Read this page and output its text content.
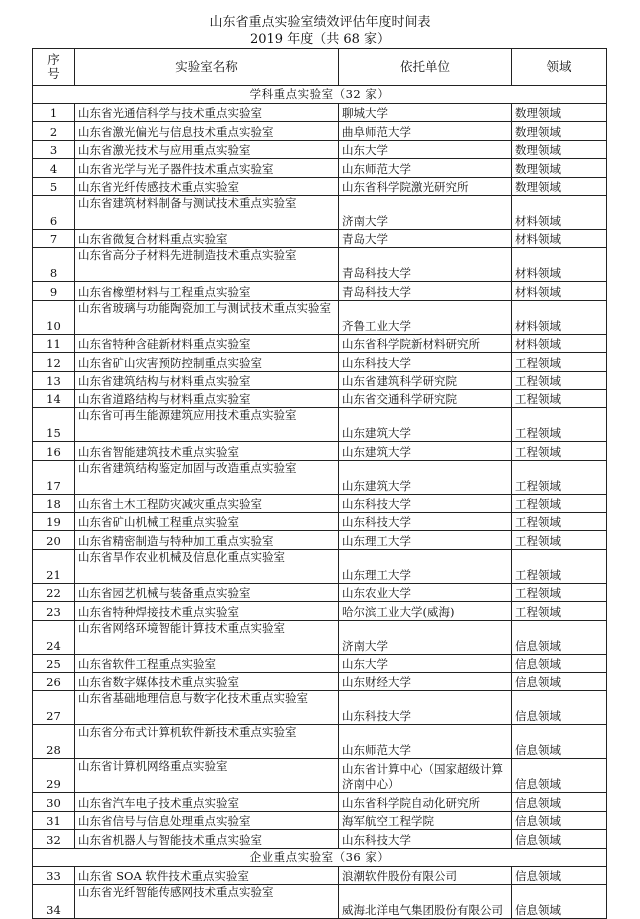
山东省重点实验室绩效评估年度时间表
2019 年度（共 68 家）
序号	实验室名称	依托单位	领域
学科重点实验室（32 家）			
1	山东省光通信科学与技术重点实验室	聊城大学	数理领域
2	山东省激光偏光与信息技术重点实验室	曲阜师范大学	数理领域
3	山东省激光技术与应用重点实验室	山东大学	数理领域
4	山东省光学与光子器件技术重点实验室	山东师范大学	数理领域
5	山东省光纤传感技术重点实验室	山东省科学院激光研究所	数理领域
6	山东省建筑材料制备与测试技术重点实验室	济南大学	材料领域
7	山东省微复合材料重点实验室	青岛大学	材料领域
8	山东省高分子材料先进制造技术重点实验室	青岛科技大学	材料领域
9	山东省橡塑材料与工程重点实验室	青岛科技大学	材料领域
10	山东省玻璃与功能陶瓷加工与测试技术重点实验室	齐鲁工业大学	材料领域
11	山东省特种含硅新材料重点实验室	山东省科学院新材料研究所	材料领域
12	山东省矿山灾害预防控制重点实验室	山东科技大学	工程领域
13	山东省建筑结构与材料重点实验室	山东省建筑科学研究院	工程领域
14	山东省道路结构与材料重点实验室	山东省交通科学研究院	工程领域
15	山东省可再生能源建筑应用技术重点实验室	山东建筑大学	工程领域
16	山东省智能建筑技术重点实验室	山东建筑大学	工程领域
17	山东省建筑结构鉴定加固与改造重点实验室	山东建筑大学	工程领域
18	山东省土木工程防灾减灾重点实验室	山东科技大学	工程领域
19	山东省矿山机械工程重点实验室	山东科技大学	工程领域
20	山东省精密制造与特种加工重点实验室	山东理工大学	工程领域
21	山东省旱作农业机械及信息化重点实验室	山东理工大学	工程领域
22	山东省园艺机械与装备重点实验室	山东农业大学	工程领域
23	山东省特种焊接技术重点实验室	哈尔滨工业大学(威海)	工程领域
24	山东省网络环境智能计算技术重点实验室	济南大学	信息领域
25	山东省软件工程重点实验室	山东大学	信息领域
26	山东省数字媒体技术重点实验室	山东财经大学	信息领域
27	山东省基础地理信息与数字化技术重点实验室	山东科技大学	信息领域
28	山东省分布式计算机软件新技术重点实验室	山东师范大学	信息领域
29	山东省计算机网络重点实验室	山东省计算中心（国家超级计算济南中心）	信息领域
30	山东省汽车电子技术重点实验室	山东省科学院自动化研究所	信息领域
31	山东省信号与信息处理重点实验室	海军航空工程学院	信息领域
32	山东省机器人与智能技术重点实验室	山东科技大学	信息领域
企业重点实验室（36 家）			
33	山东省 SOA 软件技术重点实验室	浪潮软件股份有限公司	信息领域
34	山东省光纤智能传感网技术重点实验室	威海北洋电气集团股份有限公司	信息领域
